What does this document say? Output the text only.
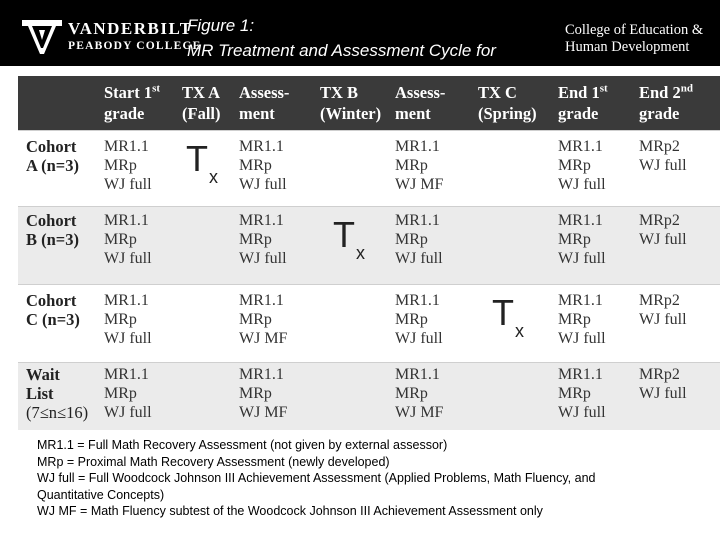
VANDERBILT
PEABODY COLLEGE
Figure 1:
MR Treatment and Assessment Cycle for
College of Education &
Human Development
Start 1st
grade
TX A
(Fall)
Assess-
ment
TX B
(Winter)
Assess-
ment
TX C
(Spring)
End 1st
grade
End 2nd
grade
Cohort
A (n=3)
MR1.1
MRp
WJ full
$T_x$
MR1.1
MRp
WJ full
MR1.1
MRp
WJ MF
MR1.1
MRp
WJ full
MRp2
WJ full
Cohort
B (n=3)
MR1.1
MRp
WJ full
MR1.1
MRp
WJ full
$T_x$
MR1.1
MRp
WJ full
MR1.1
MRp
WJ full
MRp2
WJ full
Cohort
C (n=3)
MR1.1
MRp
WJ full
MR1.1
MRp
WJ MF
MR1.1
MRp
WJ full
$T_x$
MR1.1
MRp
WJ full
MRp2
WJ full
Wait
List
(7≤n≤16)
MR1.1
MRp
WJ full
MR1.1
MRp
WJ MF
MR1.1
MRp
WJ MF
MR1.1
MRp
WJ full
MRp2
WJ full
MR1.1 = Full Math Recovery Assessment (not given by external assessor)
MRp = Proximal Math Recovery Assessment (newly developed)
WJ full = Full Woodcock Johnson III Achievement Assessment (Applied Problems, Math Fluency, and
Quantitative Concepts)
WJ MF = Math Fluency subtest of the Woodcock Johnson III Achievement Assessment only
